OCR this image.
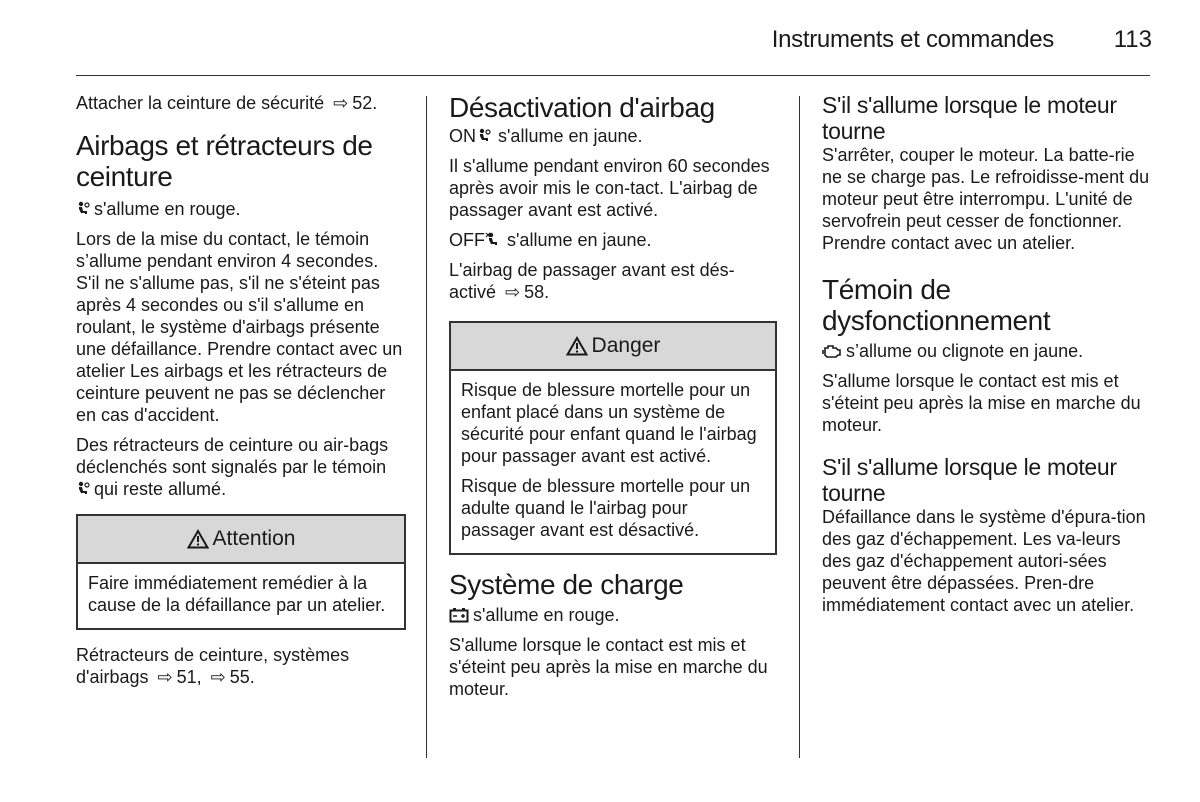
Instruments et commandes 113

Attacher la ceinture de sécurité ⇨ 52.

Airbags et rétracteurs de ceinture

s'allume en rouge.

Lors de la mise du contact, le témoin s’allume pendant environ 4 secondes. S'il ne s'allume pas, s'il ne s'éteint pas après 4 secondes ou s'il s'allume en roulant, le système d'airbags présente une défaillance. Prendre contact avec un atelier Les airbags et les rétracteurs de ceinture peuvent ne pas se déclencher en cas d'accident.

Des rétracteurs de ceinture ou air-bags déclenchés sont signalés par le témoin qui reste allumé.

Attention

Faire immédiatement remédier à la cause de la défaillance par un atelier.

Rétracteurs de ceinture, systèmes d'airbags ⇨ 51, ⇨ 55.

Désactivation d'airbag

ON s'allume en jaune.

Il s'allume pendant environ 60 secondes après avoir mis le con-tact. L'airbag de passager avant est activé.

OFF s'allume en jaune.

L'airbag de passager avant est dés-activé ⇨ 58.

Danger

Risque de blessure mortelle pour un enfant placé dans un système de sécurité pour enfant quand le l'airbag pour passager avant est activé.

Risque de blessure mortelle pour un adulte quand le l'airbag pour passager avant est désactivé.

Système de charge

s'allume en rouge.

S'allume lorsque le contact est mis et s'éteint peu après la mise en marche du moteur.

S'il s'allume lorsque le moteur tourne

S'arrêter, couper le moteur. La batte-rie ne se charge pas. Le refroidisse-ment du moteur peut être interrompu. L'unité de servofrein peut cesser de fonctionner. Prendre contact avec un atelier.

Témoin de dysfonctionnement

s’allume ou clignote en jaune.

S'allume lorsque le contact est mis et s'éteint peu après la mise en marche du moteur.

S'il s'allume lorsque le moteur tourne

Défaillance dans le système d'épura-tion des gaz d'échappement. Les va-leurs des gaz d'échappement autori-sées peuvent être dépassées. Pren-dre immédiatement contact avec un atelier.
